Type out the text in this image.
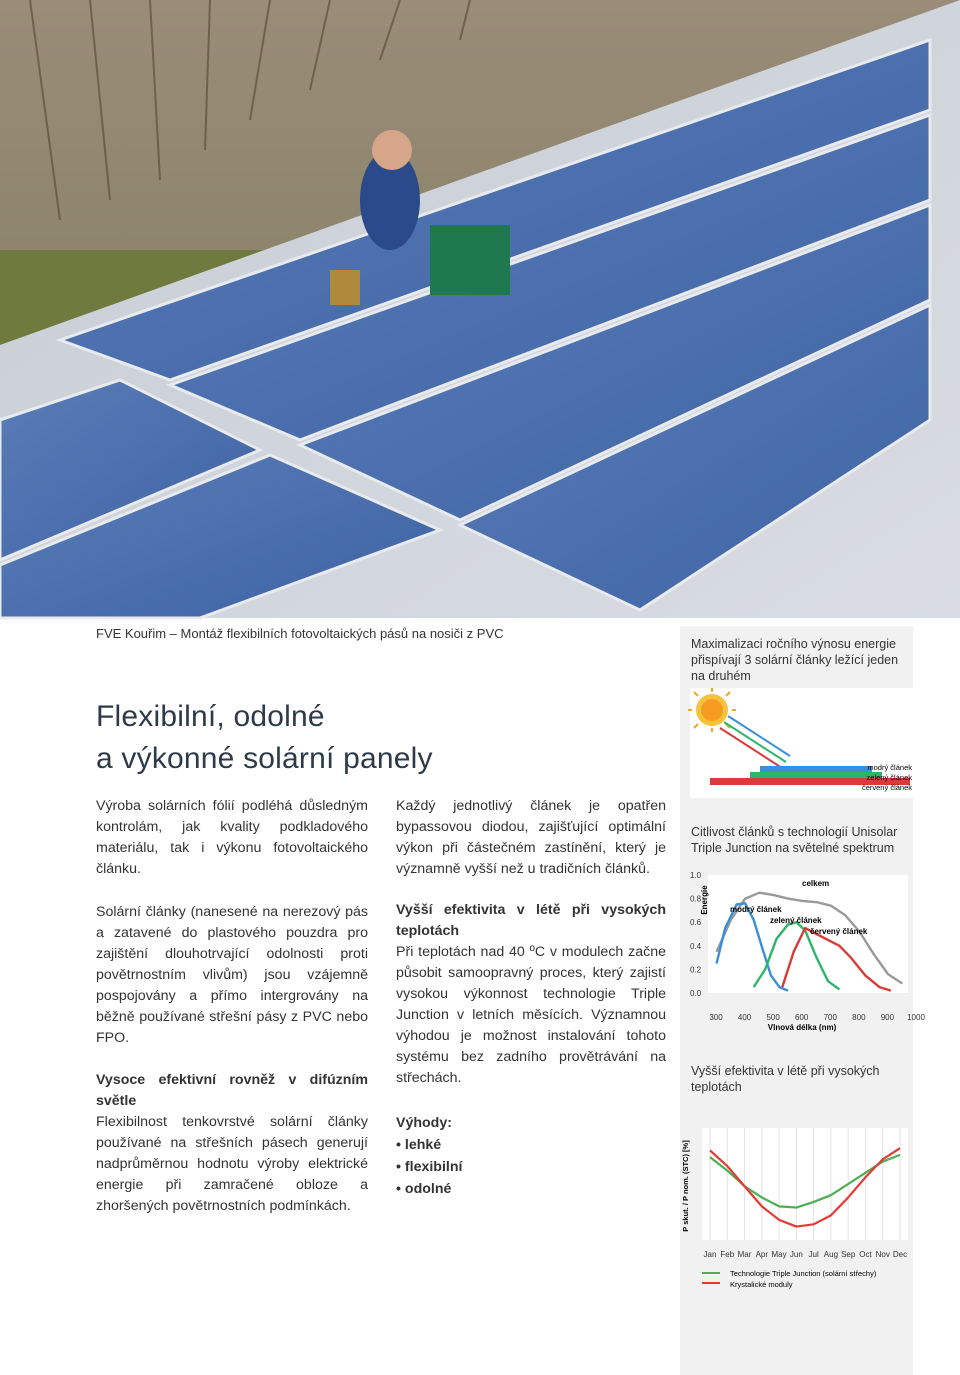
FVE Kouřim – Montáž flexibilních fotovoltaických pásů na nosiči z PVC
Flexibilní, odolné
a výkonné solární panely
Výroba solárních fólií podléhá důsledným kontrolám, jak kvality podkladového materiálu, tak i výkonu fotovoltaického článku.
Solární články (nanesené na nerezový pás a zatavené do plastového pouzdra pro zajištění dlouhotrvající odolnosti proti povětrnostním vlivům) jsou vzájemně pospojovány a přímo intergrovány na běžně používané střešní pásy z PVC nebo FPO.
Vysoce efektivní rovněž v difúzním světle
Flexibilnost tenkovrstvé solární články používané na střešních pásech generují nadprůměrnou hodnotu výroby elektrické energie při zamračené obloze a zhoršených povětrnostních podmínkách.
Každý jednotlivý článek je opatřen bypassovou diodou, zajišťující optimální výkon při částečném zastínění, který je významně vyšší než u tradičních článků.
Vyšší efektivita v létě při vysokých teplotách
Při teplotách nad 40 ºC v modulech začne působit samoopravný proces, který zajistí vysokou výkonnost technologie Triple Junction v letních měsících. Významnou výhodou je možnost instalování tohoto systému bez zadního provětrávání na střechách.
Výhody:
• lehké
• flexibilní
• odolné
Maximalizaci ročního výnosu energie přispívají 3 solární články ležící jeden na druhém
modrý článek
zelený článek
červený článek
Citlivost článků s technologií Unisolar Triple Junction na světelné spektrum
1.0
0.8
0.6
0.4
0.2
0.0
300 400 500 600 700 800 900 1000
Energie
celkem
modrý článek
zelený článek
červený článek
Vlnová délka (nm)
Vyšší efektivita v létě při vysokých teplotách
Jan Feb Mar Apr May Jun Jul Aug Sep Oct Nov Dec
P skut. / P nom. (STC) [%]
Technologie Triple Junction (solární střechy)
Krystalické moduly
